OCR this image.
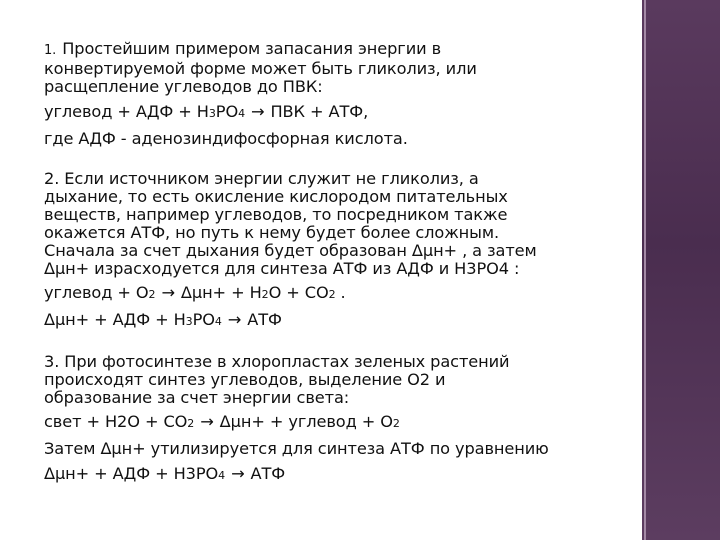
1. Простейшим примером запасания энергии в
конвертируемой форме может быть гликолиз, или
расщепление углеводов до ПВК:
углевод + АДФ + Н3РО4 → ПВК + АТФ,
где АДФ - аденозиндифосфорная кислота.
2. Если источником энергии служит не гликолиз, а
дыхание, то есть окисление кислородом питательных
веществ, например углеводов, то посредником также
окажется АТФ, но путь к нему будет более сложным.
Сначала за счет дыхания будет образован Δμн+ , а затем
Δμн+ израсходуется для синтеза АТФ из АДФ и Н3РО4 :
углевод + О2 → Δμн+ + Н2О + СО2 .
Δμн+ + АДФ + Н3РО4 → АТФ
3. При фотосинтезе в хлоропластах зеленых растений
происходят синтез углеводов, выделение О2 и
образование за счет энергии света:
свет + Н2О + СО2 → Δμн+ + углевод + О2
Затем Δμн+ утилизируется для синтеза АТФ по уравнению
Δμн+ + АДФ + Н3РО4 → АТФ
